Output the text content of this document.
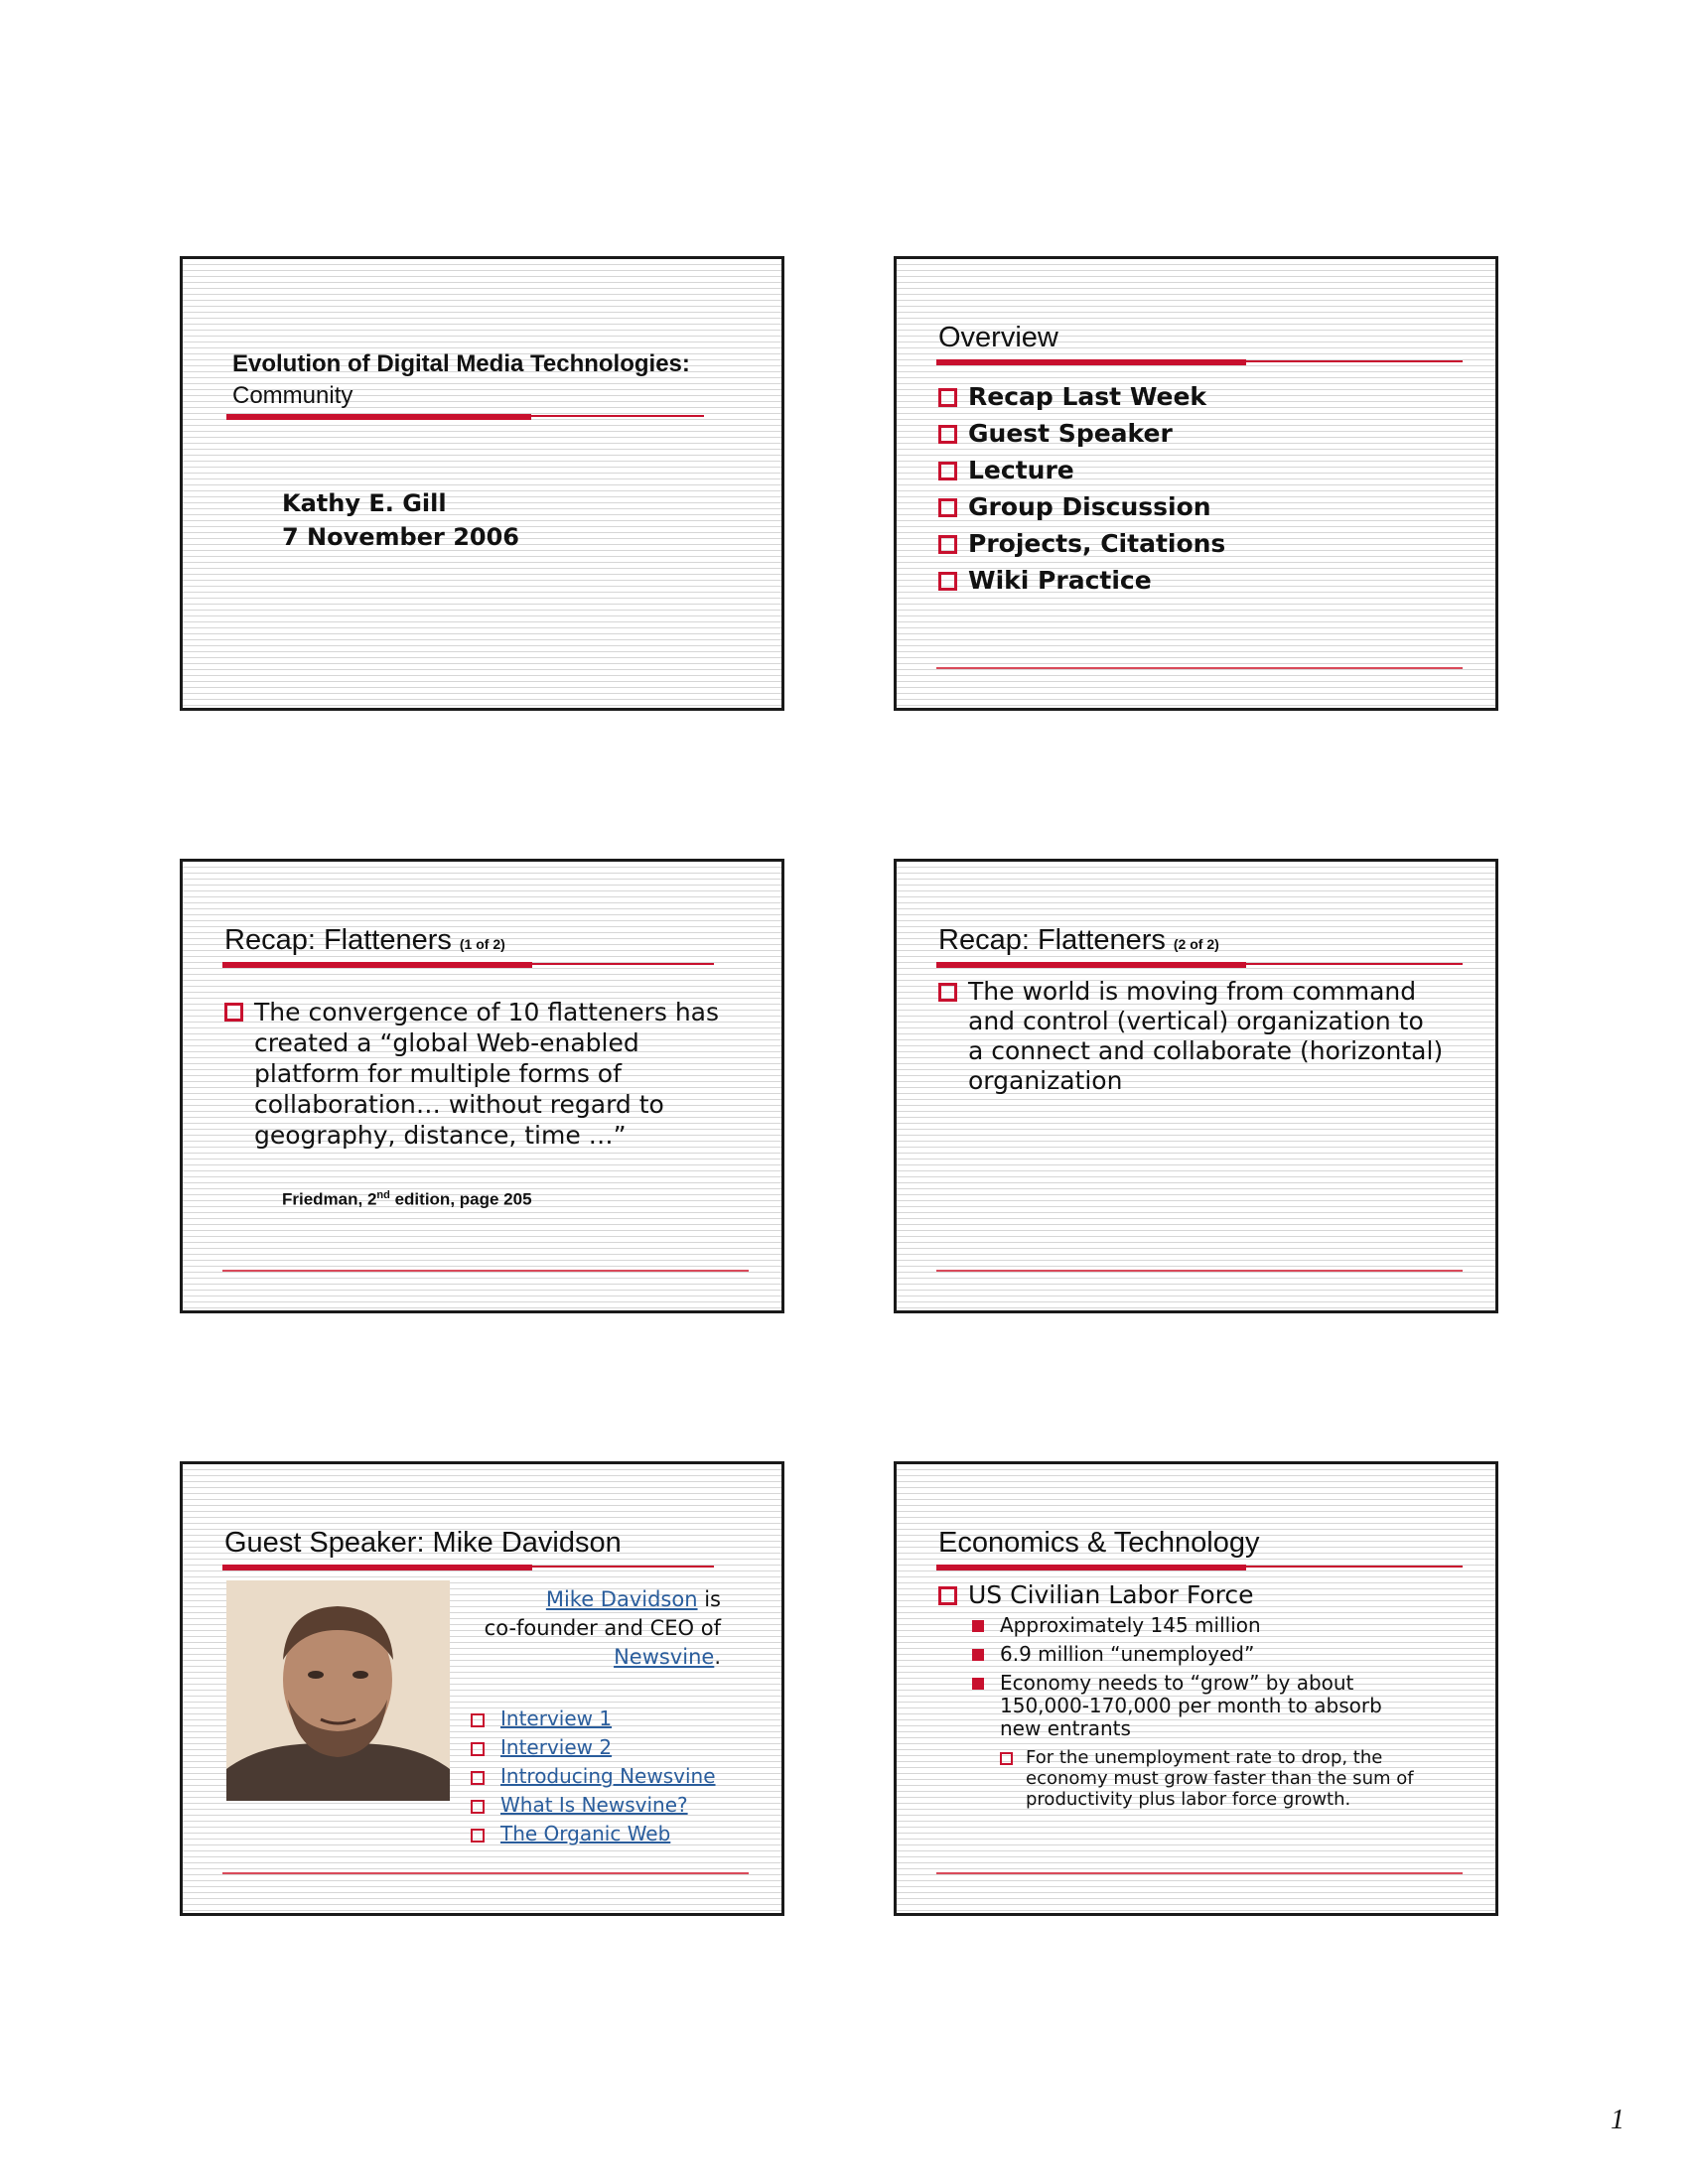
Evolution of Digital Media Technologies:
Community
Kathy E. Gill
7 November 2006
Overview
Recap Last Week
Guest Speaker
Lecture
Group Discussion
Projects, Citations
Wiki Practice
Recap: Flatteners (1 of 2)
The convergence of 10 flatteners has
created a “global Web-enabled
platform for multiple forms of
collaboration… without regard to
geography, distance, time …”
Friedman, 2nd edition, page 205
Recap: Flatteners (2 of 2)
The world is moving from command
and control (vertical) organization to
a connect and collaborate (horizontal)
organization
Guest Speaker: Mike Davidson
Mike Davidson is
co-founder and CEO of
Newsvine.
Interview 1
Interview 2
Introducing Newsvine
What Is Newsvine?
The Organic Web
Economics & Technology
US Civilian Labor Force
Approximately 145 million
6.9 million “unemployed”
Economy needs to “grow” by about
150,000-170,000 per month to absorb
new entrants
For the unemployment rate to drop, the
economy must grow faster than the sum of
productivity plus labor force growth.
1
